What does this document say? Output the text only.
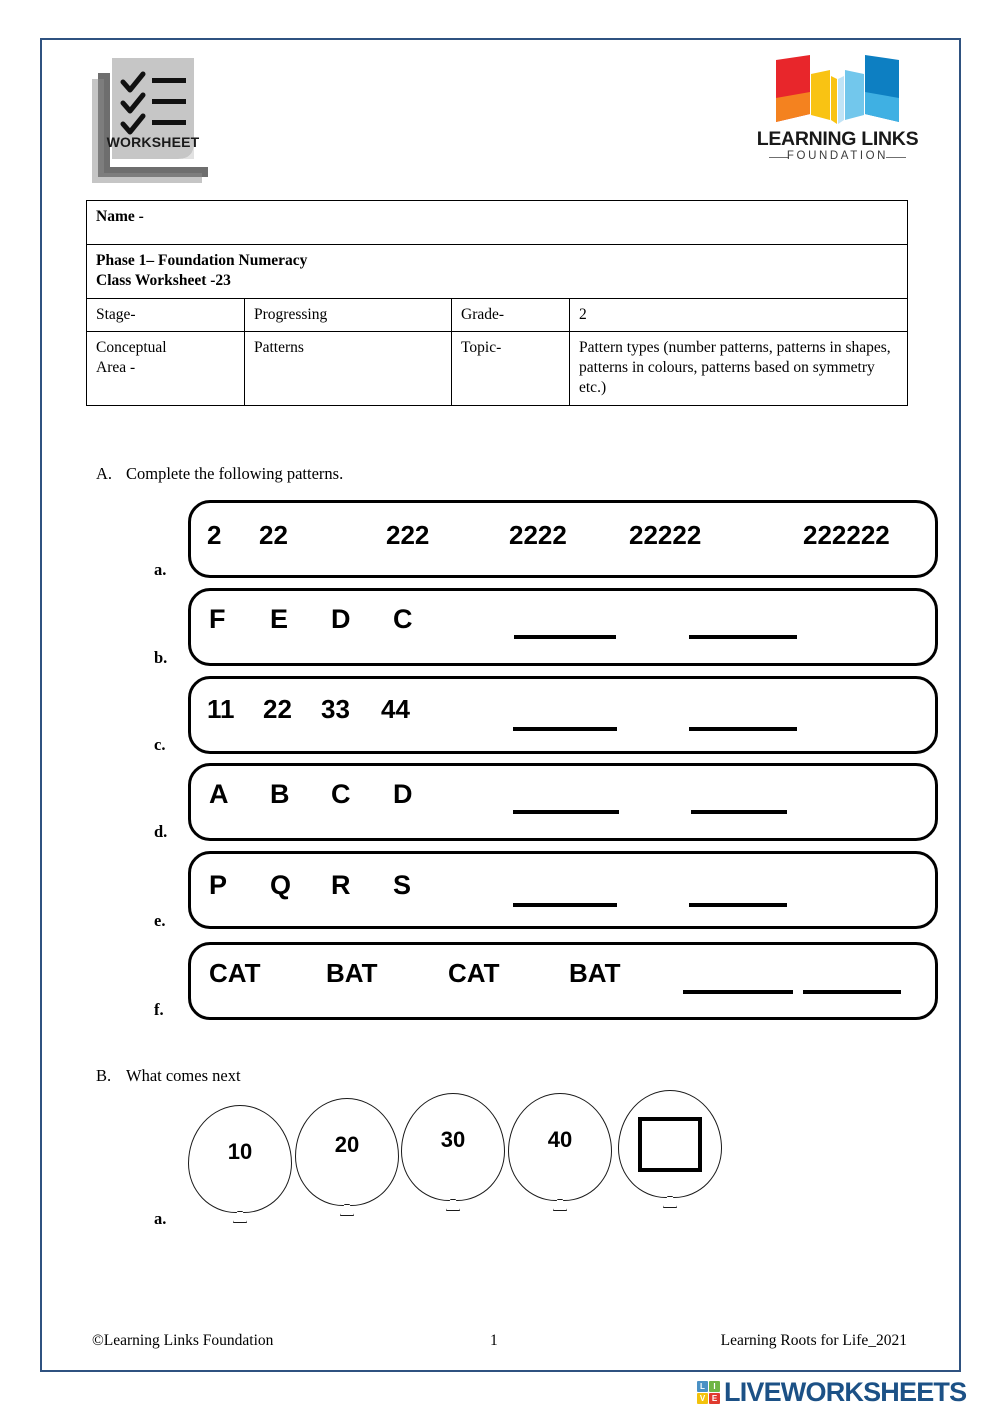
WORKSHEET	LEARNING LINKS
FOUNDATION
Name -			

Phase 1– Foundation Numeracy
Class Worksheet -23			

Stage-	Progressing	Grade-	2

Conceptual
Area -	Patterns	Topic-	Pattern types (number patterns, patterns in shapes, patterns in colours, patterns based on symmetry etc.)
A. Complete the following patterns.
a.
2 22	222	2222 22222	222222
b.
F E D C
c.
11 22 33 44
d.
A B C D
e.
P Q R S
f.
CAT	BAT	CAT	BAT
B. What comes next
a.
10	20	30	40
©Learning Links Foundation	1	Learning Roots for Life_2021
L	I
V E LIVEWORKSHEETS
